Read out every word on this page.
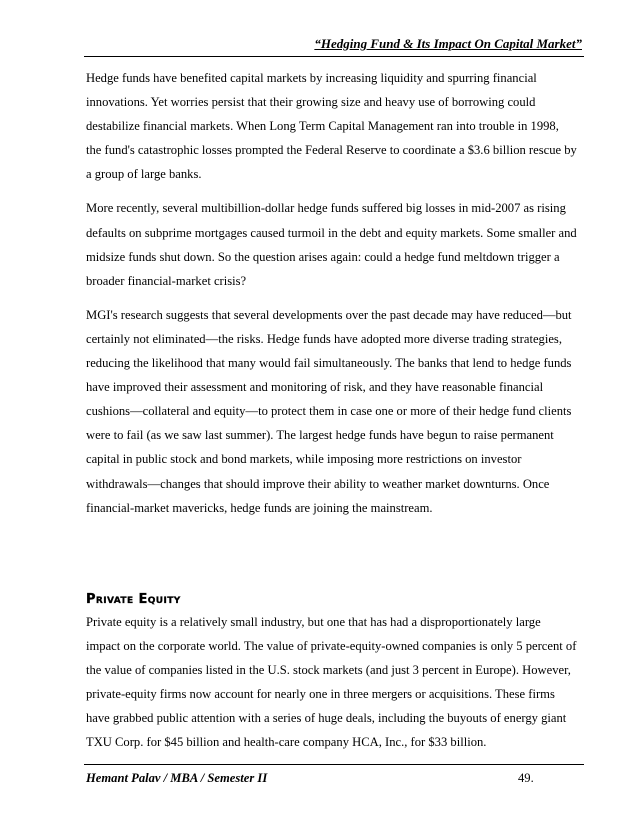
“Hedging Fund & Its Impact On Capital Market”

Hedge funds have benefited capital markets by increasing liquidity and spurring financial
innovations. Yet worries persist that their growing size and heavy use of borrowing could
destabilize financial markets. When Long Term Capital Management ran into trouble in 1998,
the fund's catastrophic losses prompted the Federal Reserve to coordinate a $3.6 billion rescue by
a group of large banks.

More recently, several multibillion-dollar hedge funds suffered big losses in mid-2007 as rising
defaults on subprime mortgages caused turmoil in the debt and equity markets. Some smaller and
midsize funds shut down. So the question arises again: could a hedge fund meltdown trigger a
broader financial-market crisis?

MGI's research suggests that several developments over the past decade may have reduced—but
certainly not eliminated—the risks. Hedge funds have adopted more diverse trading strategies,
reducing the likelihood that many would fail simultaneously. The banks that lend to hedge funds
have improved their assessment and monitoring of risk, and they have reasonable financial
cushions—collateral and equity—to protect them in case one or more of their hedge fund clients
were to fail (as we saw last summer). The largest hedge funds have begun to raise permanent
capital in public stock and bond markets, while imposing more restrictions on investor
withdrawals—changes that should improve their ability to weather market downturns. Once
financial-market mavericks, hedge funds are joining the mainstream.

Private Equity

Private equity is a relatively small industry, but one that has had a disproportionately large
impact on the corporate world. The value of private-equity-owned companies is only 5 percent of
the value of companies listed in the U.S. stock markets (and just 3 percent in Europe). However,
private-equity firms now account for nearly one in three mergers or acquisitions. These firms
have grabbed public attention with a series of huge deals, including the buyouts of energy giant
TXU Corp. for $45 billion and health-care company HCA, Inc., for $33 billion.

Hemant Palav / MBA / Semester II	49.
